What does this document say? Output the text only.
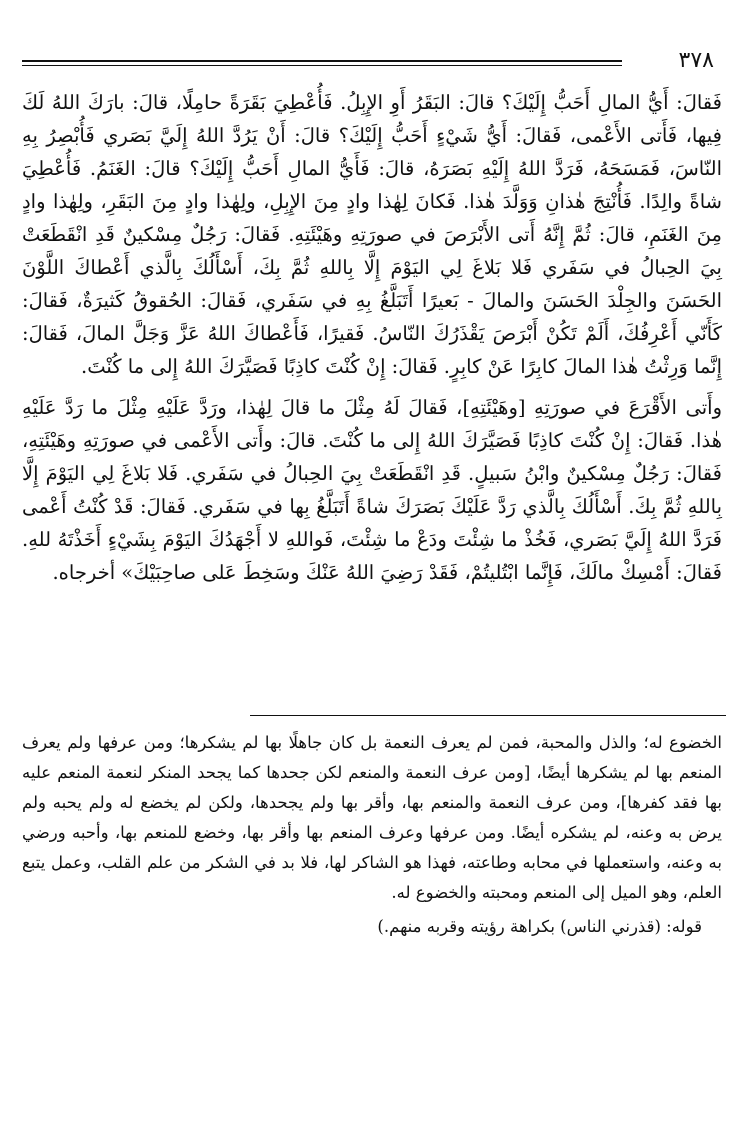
٣٧٨

فَقالَ: أَيُّ المالِ أَحَبُّ إِلَيْكَ؟ قالَ: البَقَرُ أَوِ الإِبِلُ. فَأُعْطِيَ بَقَرَةً حامِلًا، قالَ: بارَكَ اللهُ لَكَ فِيها، فَأَتى الأَعْمى، فَقالَ: أَيُّ شَيْءٍ أَحَبُّ إِلَيْكَ؟ قالَ: أَنْ يَرُدَّ اللهُ إِلَيَّ بَصَري فَأُبْصِرُ بِهِ النّاسَ، فَمَسَحَهُ، فَرَدَّ اللهُ إِلَيْهِ بَصَرَهُ، قالَ: فَأَيُّ المالِ أَحَبُّ إِلَيْكَ؟ قالَ: الغَنَمُ. فَأُعْطِيَ شاةً والِدًا. فَأُنْتِجَ هٰذانِ وَوَلَّدَ هٰذا. فَكانَ لِهٰذا وادٍ مِنَ الإِبِلِ، ولِهٰذا وادٍ مِنَ البَقَرِ، ولِهٰذا وادٍ مِنَ الغَنَمِ، قالَ: ثُمَّ إِنَّهُ أَتى الأَبْرَصَ في صورَتِهِ وهَيْئَتِهِ. فَقالَ: رَجُلٌ مِسْكينٌ قَدِ انْقَطَعَتْ بِيَ الحِبالُ في سَفَري فَلا بَلاغَ لِي اليَوْمَ إِلَّا بِاللهِ ثُمَّ بِكَ، أَسْأَلُكَ بِالَّذي أَعْطاكَ اللَّوْنَ الحَسَنَ والجِلْدَ الحَسَنَ والمالَ - بَعيرًا أَتَبَلَّغُ بِهِ في سَفَري، فَقالَ: الحُقوقُ كَثيرَةٌ، فَقالَ: كَأَنّي أَعْرِفُكَ، أَلَمْ تَكُنْ أَبْرَصَ يَقْذَرُكَ النّاسُ. فَقيرًا، فَأَعْطاكَ اللهُ عَزَّ وَجَلَّ المالَ، فَقالَ: إِنَّما وَرِثْتُ هٰذا المالَ كابِرًا عَنْ كابِرٍ. فَقالَ: إِنْ كُنْتَ كاذِبًا فَصَيَّرَكَ اللهُ إِلى ما كُنْتَ.

وأَتى الأَقْرَعَ في صورَتِهِ [وهَيْئَتِهِ]، فَقالَ لَهُ مِثْلَ ما قالَ لِهٰذا، ورَدَّ عَلَيْهِ مِثْلَ ما رَدَّ عَلَيْهِ هٰذا. فَقالَ: إِنْ كُنْتَ كاذِبًا فَصَيَّرَكَ اللهُ إِلى ما كُنْتَ. قالَ: وأَتى الأَعْمى في صورَتِهِ وهَيْئَتِهِ، فَقالَ: رَجُلٌ مِسْكينٌ وابْنُ سَبيلٍ. قَدِ انْقَطَعَتْ بِيَ الحِبالُ في سَفَري. فَلا بَلاغَ لِي اليَوْمَ إِلَّا بِاللهِ ثُمَّ بِكَ. أَسْأَلُكَ بِالَّذي رَدَّ عَلَيْكَ بَصَرَكَ شاةً أَتَبَلَّغُ بِها في سَفَري. فَقالَ: قَدْ كُنْتُ أَعْمى فَرَدَّ اللهُ إِلَيَّ بَصَري، فَخُذْ ما شِئْتَ ودَعْ ما شِئْتَ، فَواللهِ لا أَجْهَدُكَ اليَوْمَ بِشَيْءٍ أَخَذْتَهُ للهِ. فَقالَ: أَمْسِكْ مالَكَ، فَإِنَّما ابْتُليتُمْ، فَقَدْ رَضِيَ اللهُ عَنْكَ وسَخِطَ عَلى صاحِبَيْكَ» أخرجاه.

الخضوع له؛ والذل والمحبة، فمن لم يعرف النعمة بل كان جاهلًا بها لم يشكرها؛ ومن عرفها ولم يعرف المنعم بها لم يشكرها أيضًا، [ومن عرف النعمة والمنعم لكن جحدها كما يجحد المنكر لنعمة المنعم عليه بها فقد كفرها]، ومن عرف النعمة والمنعم بها، وأقر بها ولم يجحدها، ولكن لم يخضع له ولم يحبه ولم يرض به وعنه، لم يشكره أيضًا. ومن عرفها وعرف المنعم بها وأقر بها، وخضع للمنعم بها، وأحبه ورضي به وعنه، واستعملها في محابه وطاعته، فهذا هو الشاكر لها، فلا بد في الشكر من علم القلب، وعمل يتبع العلم، وهو الميل إلى المنعم ومحبته والخضوع له.

قوله: (قذرني الناس) بكراهة رؤيته وقربه منهم.)
